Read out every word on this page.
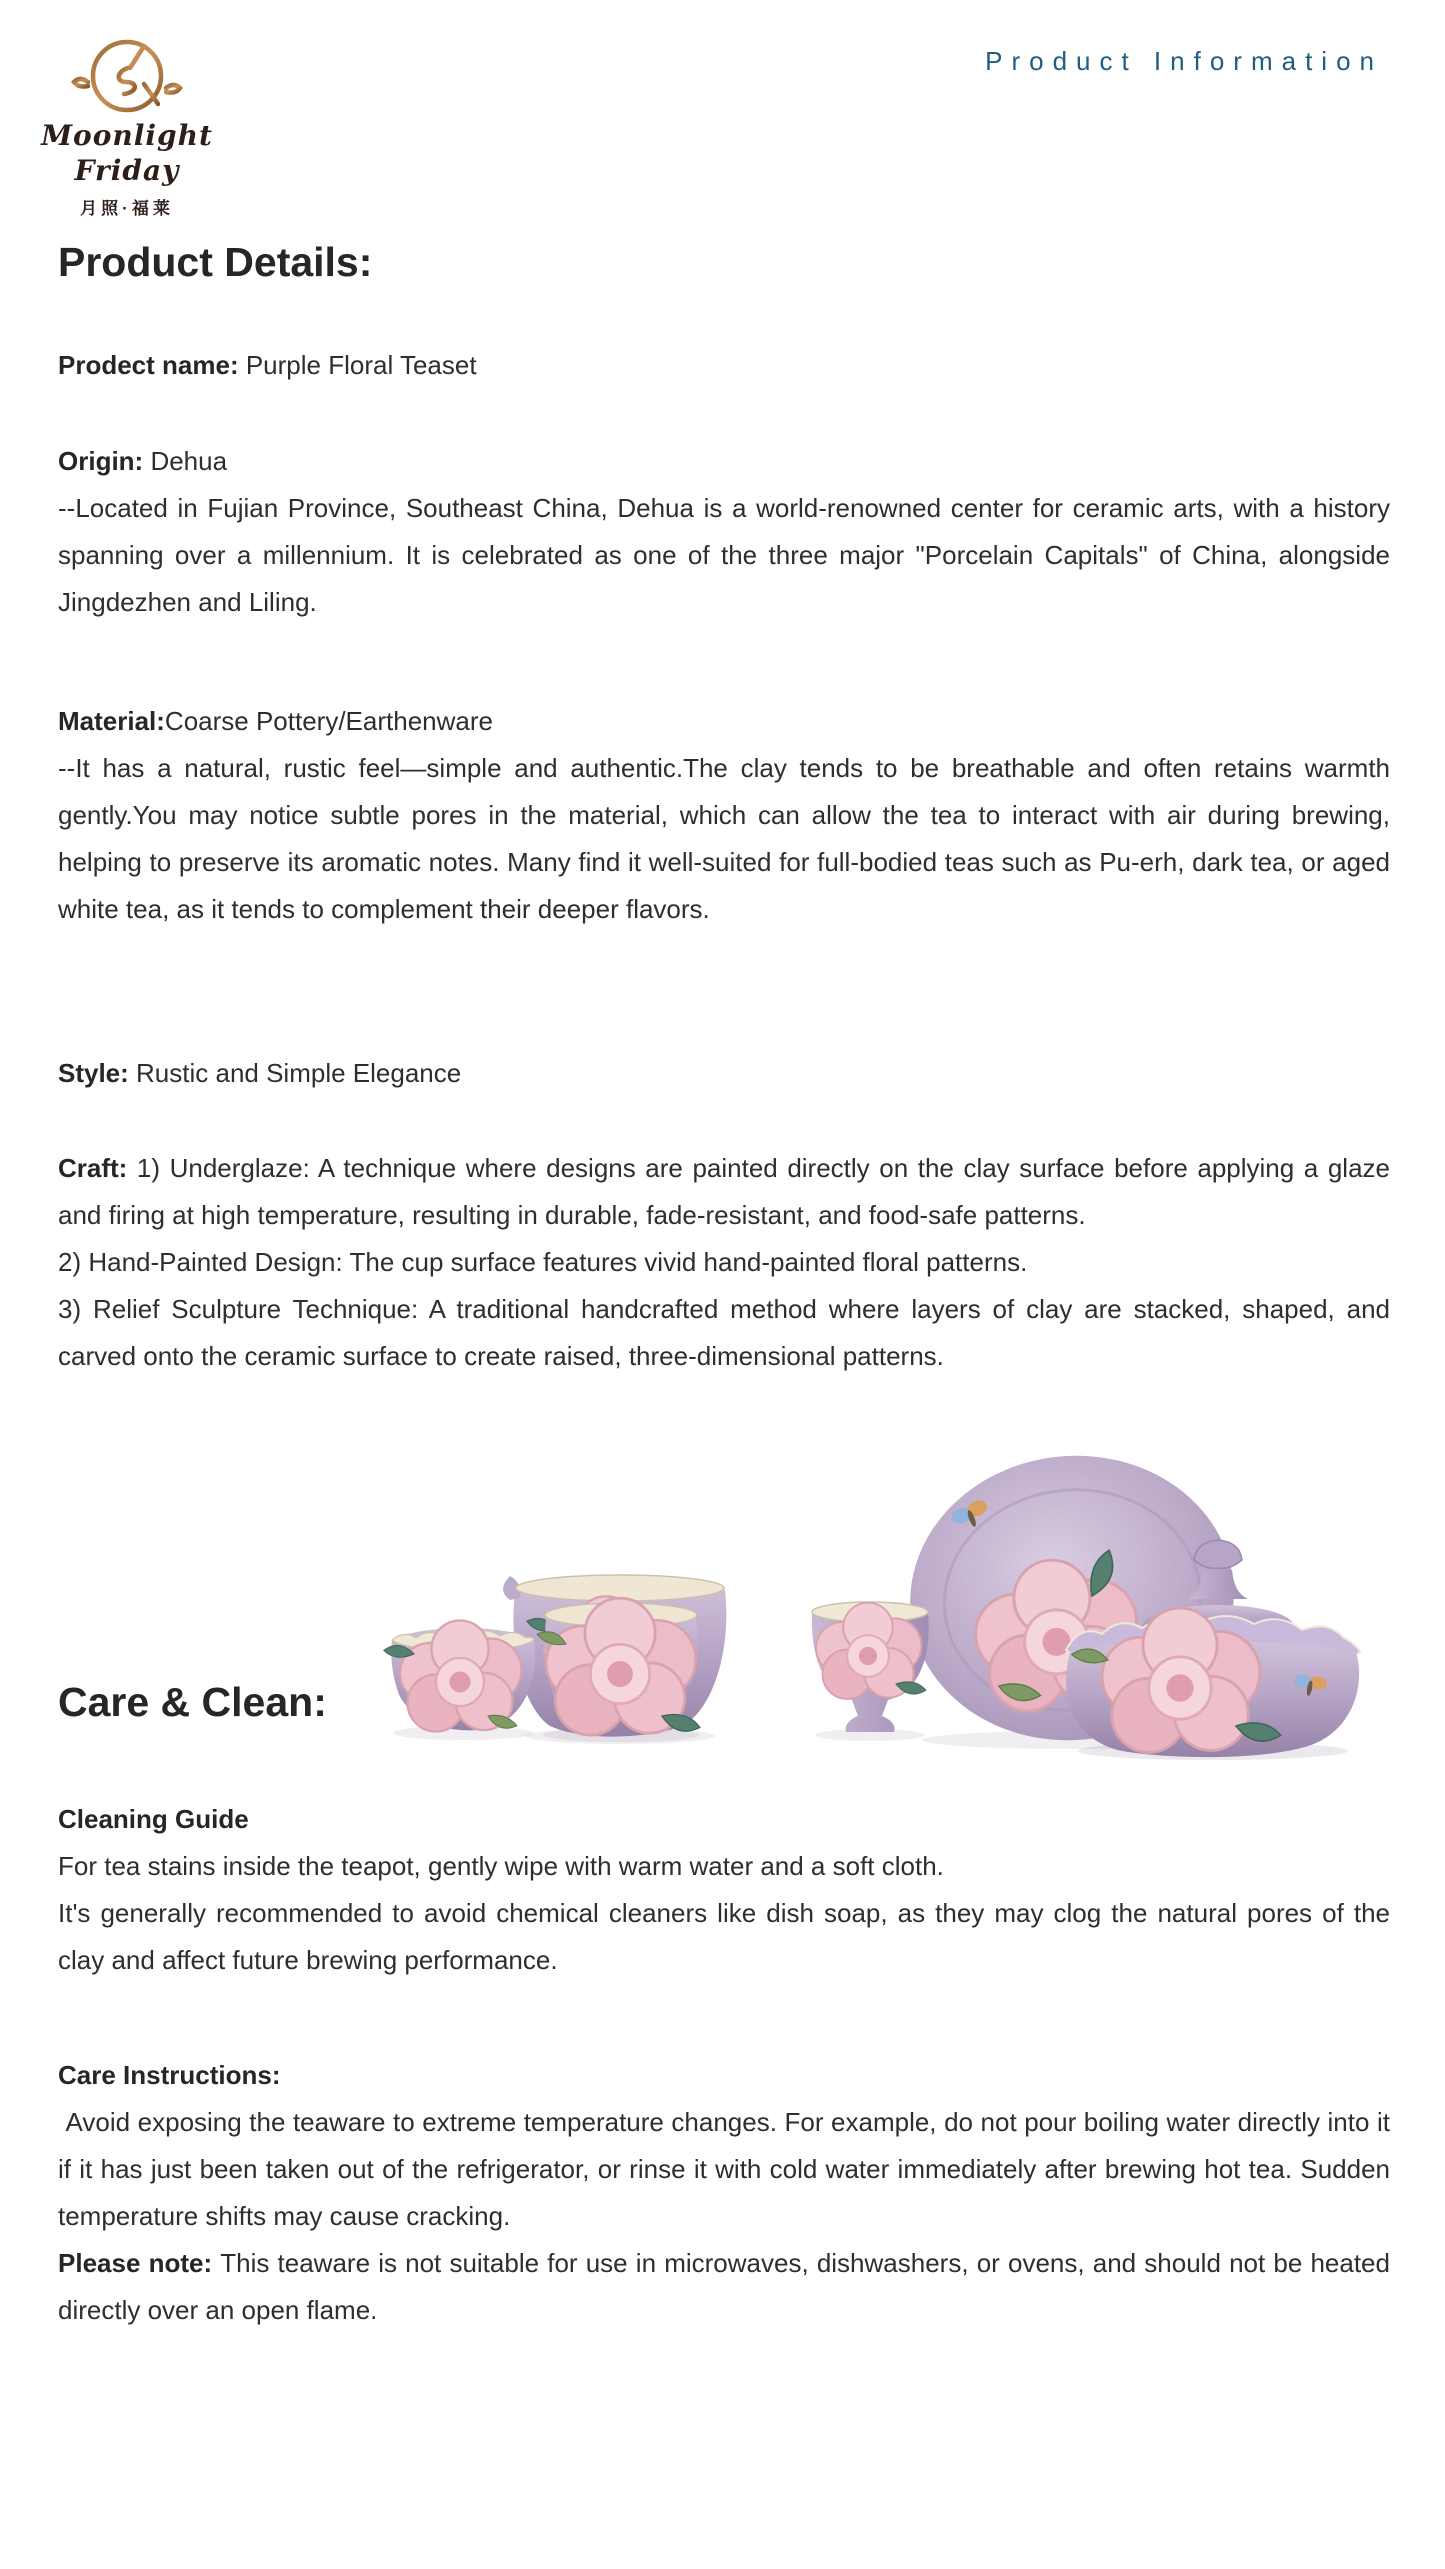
Moonlight Friday
月照·福莱
Product Information
Product Details:

Prodect name: Purple Floral Teaset

Origin: Dehua

--Located in Fujian Province, Southeast China, Dehua is a world-renowned center for ceramic arts, with a history spanning over a millennium. It is celebrated as one of the three major "Porcelain Capitals" of China, alongside Jingdezhen and Liling.

Material:Coarse Pottery/Earthenware

--It has a natural, rustic feel—simple and authentic.The clay tends to be breathable and often retains warmth gently.You may notice subtle pores in the material, which can allow the tea to interact with air during brewing, helping to preserve its aromatic notes. Many find it well-suited for full-bodied teas such as Pu-erh, dark tea, or aged white tea, as it tends to complement their deeper flavors.

Style: Rustic and Simple Elegance

Craft: 1) Underglaze: A technique where designs are painted directly on the clay surface before applying a glaze and firing at high temperature, resulting in durable, fade-resistant, and food-safe patterns.
2) Hand-Painted Design: The cup surface features vivid hand-painted floral patterns.
3) Relief Sculpture Technique: A traditional handcrafted method where layers of clay are stacked, shaped, and carved onto the ceramic surface to create raised, three-dimensional patterns.

Care & Clean:

Cleaning Guide

For tea stains inside the teapot, gently wipe with warm water and a soft cloth.
It's generally recommended to avoid chemical cleaners like dish soap, as they may clog the natural pores of the clay and affect future brewing performance.

Care Instructions:

Avoid exposing the teaware to extreme temperature changes. For example, do not pour boiling water directly into it if it has just been taken out of the refrigerator, or rinse it with cold water immediately after brewing hot tea. Sudden temperature shifts may cause cracking.
Please note: This teaware is not suitable for use in microwaves, dishwashers, or ovens, and should not be heated directly over an open flame.
